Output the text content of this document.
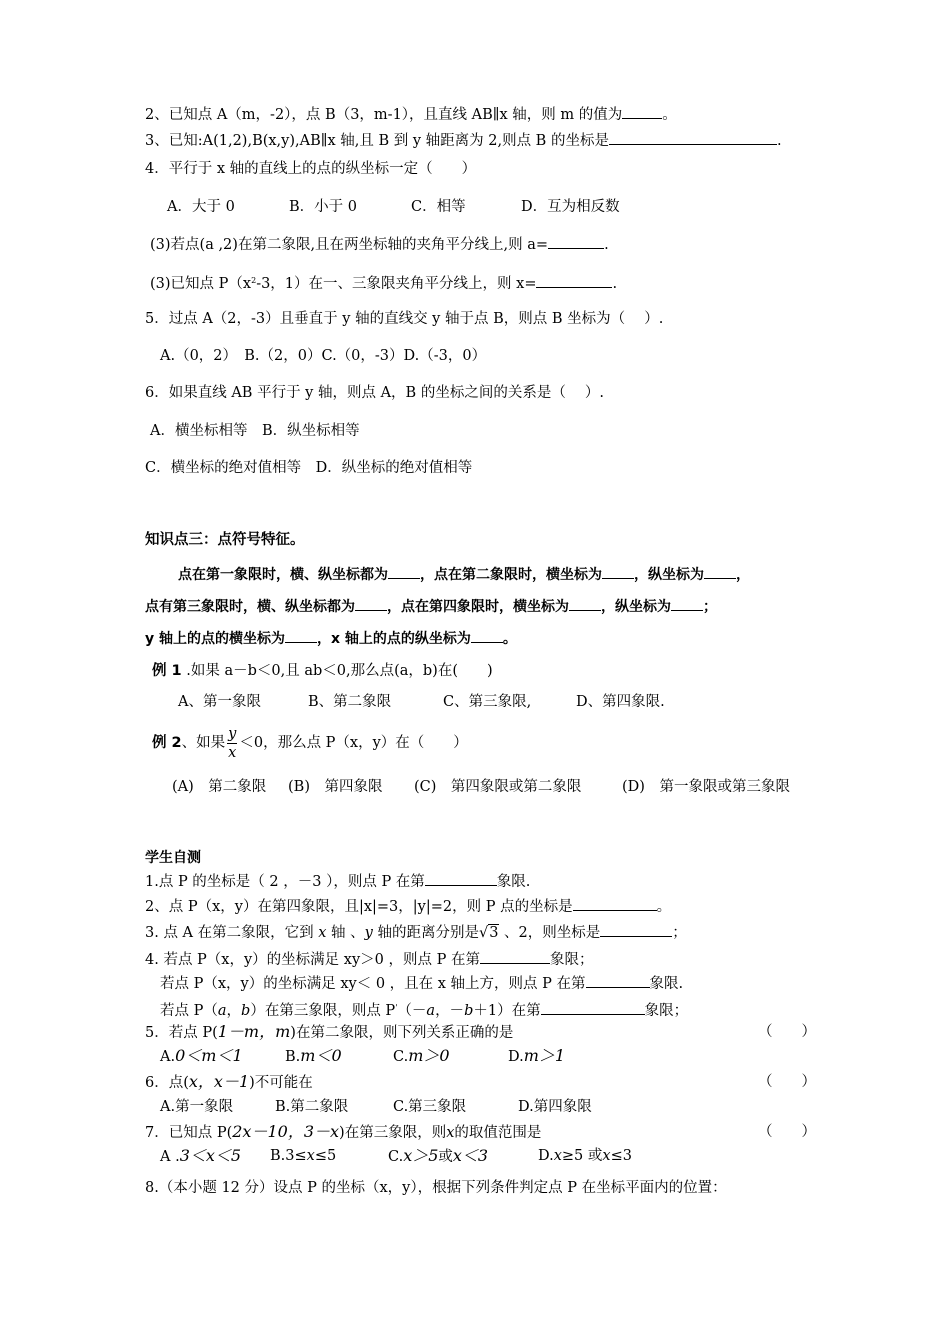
2、已知点 A（m，-2），点 B（3，m-1），且直线 AB∥x 轴，则 m 的值为	。
3、已知:A(1,2),B(x,y),AB∥x 轴,且 B 到 y 轴距离为 2,则点 B 的坐标是	.
4．平行于 x 轴的直线上的点的纵坐标一定（　　）
A．大于 0	B．小于 0	C．相等	D．互为相反数
(3)若点(a ,2)在第二象限,且在两坐标轴的夹角平分线上,则 a=	.
(3)已知点 $P(x^2-3$，1）在一、三象限夹角平分线上，则 x=	.
5．过点 A（2，-3）且垂直于 y 轴的直线交 y 轴于点 B，则点 B 坐标为（　 ）.
A.（0，2）　B.（2，0）C.（0，-3）D.（-3，0）
6．如果直线 AB 平行于 y 轴，则点 A，B 的坐标之间的关系是（　 ）.
A．横坐标相等　B．纵坐标相等
C．横坐标的绝对值相等　D．纵坐标的绝对值相等
知识点三：点符号特征。
点在第一象限时，横、纵坐标都为 ，点在第二象限时，横坐标为 ，纵坐标为 ，
点有第三象限时，横、纵坐标都为 ，点在第四象限时，横坐标为 ，纵坐标为 ；
y 轴上的点的横坐标为 ，x 轴上的点的纵坐标为 。
例 1 .如果 a－b＜0,且 ab＜0,那么点(a，b)在(　　)
A、第一象限	B、第二象限	C、第三象限,	D、第四象限.
例 2、如果 $\frac{y}{x} <0$，那么点 P（x，y）在（　　）
(A)　第二象限 (B)　第四象限 (C)　第四象限或第二象限	(D)　第一象限或第三象限
学生自测
1.点 P 的坐标是（ 2 ，－3 ），则点 P 在第	象限.
2、点 P（x，y）在第四象限，且|x|=3，|y|=2，则 P 点的坐标是	。
3. 点 A 在第二象限，它到 x 轴 、y 轴的距离分别是√3 、2，则坐标是	；
4. 若点 P（x，y）的坐标满足 xy＞0 ，则点 P 在第	象限；
若点 P（x，y）的坐标满足 xy＜ 0 ，且在 x 轴上方，则点 P 在第	象限.
若点 P（a，b）在第三象限，则点 P'（－a，－b＋1）在第	象限；
5．若点 P(1－m，m)在第二象限，则下列关系正确的是	（　　）
A.0＜m＜1	B.m＜0	C.m＞0	D.m＞1
6．点(x，x－1)不可能在	（　　）
A.第一象限	B.第二象限	C.第三象限	D.第四象限
7．已知点 P(2x－10，3－x)在第三象限，则x的取值范围是	（　　）
A .3＜x＜5 B.3≤x≤5	C.x＞5或x＜3	D.x≥5 或x≤3
8.（本小题 12 分）设点 P 的坐标（x，y），根据下列条件判定点 P 在坐标平面内的位置：
